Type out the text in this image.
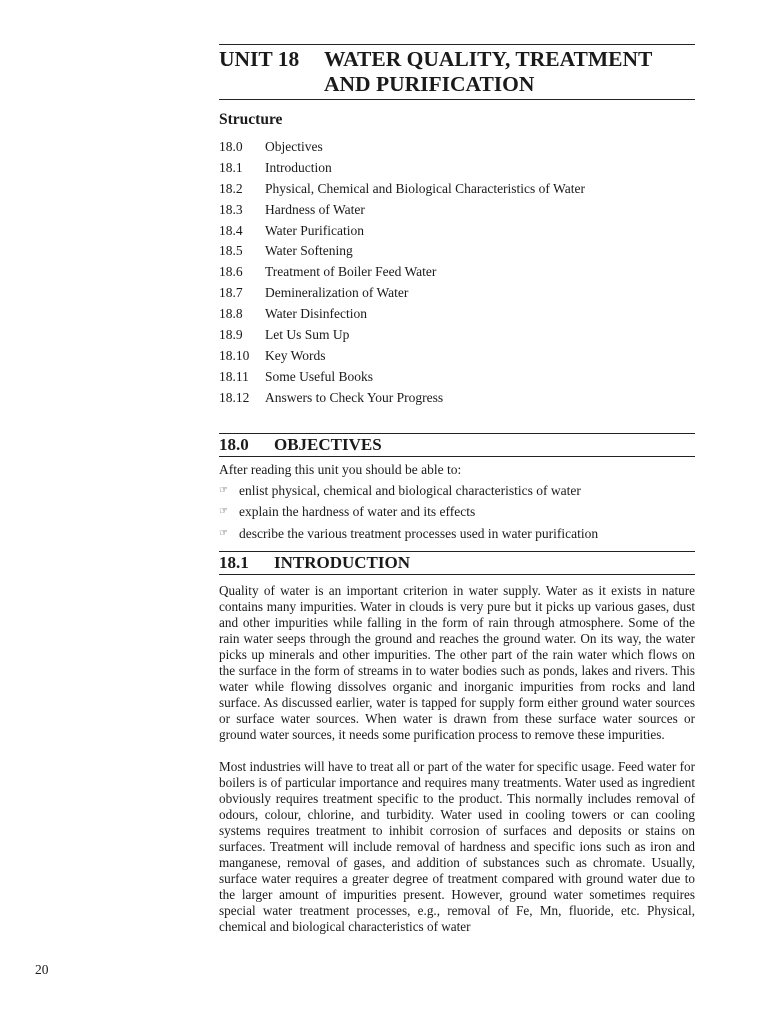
UNIT 18	WATER QUALITY, TREATMENT
AND PURIFICATION
Structure
18.0	Objectives
18.1	Introduction
18.2	Physical, Chemical and Biological Characteristics of Water
18.3	Hardness of Water
18.4	Water Purification
18.5	Water Softening
18.6	Treatment of Boiler Feed Water
18.7	Demineralization of Water
18.8	Water Disinfection
18.9	Let Us Sum Up
18.10	Key Words
18.11	Some Useful Books
18.12	Answers to Check Your Progress
18.0	OBJECTIVES

After reading this unit you should be able to:

☞ enlist physical, chemical and biological characteristics of water
☞ explain the hardness of water and its effects
☞ describe the various treatment processes used in water purification
18.1	INTRODUCTION

Quality of water is an important criterion in water supply. Water as it exists in nature contains many impurities. Water in clouds is very pure but it picks up various gases, dust and other impurities while falling in the form of rain through atmosphere. Some of the rain water seeps through the ground and reaches the ground water. On its way, the water picks up minerals and other impurities. The other part of the rain water which flows on the surface in the form of streams in to water bodies such as ponds, lakes and rivers. This water while flowing dissolves organic and inorganic impurities from rocks and land surface. As discussed earlier, water is tapped for supply form either ground water sources or surface water sources. When water is drawn from these surface water sources or ground water sources, it needs some purification process to remove these impurities.

Most industries will have to treat all or part of the water for specific usage. Feed water for boilers is of particular importance and requires many treatments. Water used as ingredient obviously requires treatment specific to the product. This normally includes removal of odours, colour, chlorine, and turbidity. Water used in cooling towers or can cooling systems requires treatment to inhibit corrosion of surfaces and deposits or stains on surfaces. Treatment will include removal of hardness and specific ions such as iron and manganese, removal of gases, and addition of substances such as chromate. Usually, surface water requires a greater degree of treatment compared with ground water due to the larger amount of impurities present. However, ground water sometimes requires special water treatment processes, e.g., removal of Fe, Mn, fluoride, etc. Physical, chemical and biological characteristics of water

20
